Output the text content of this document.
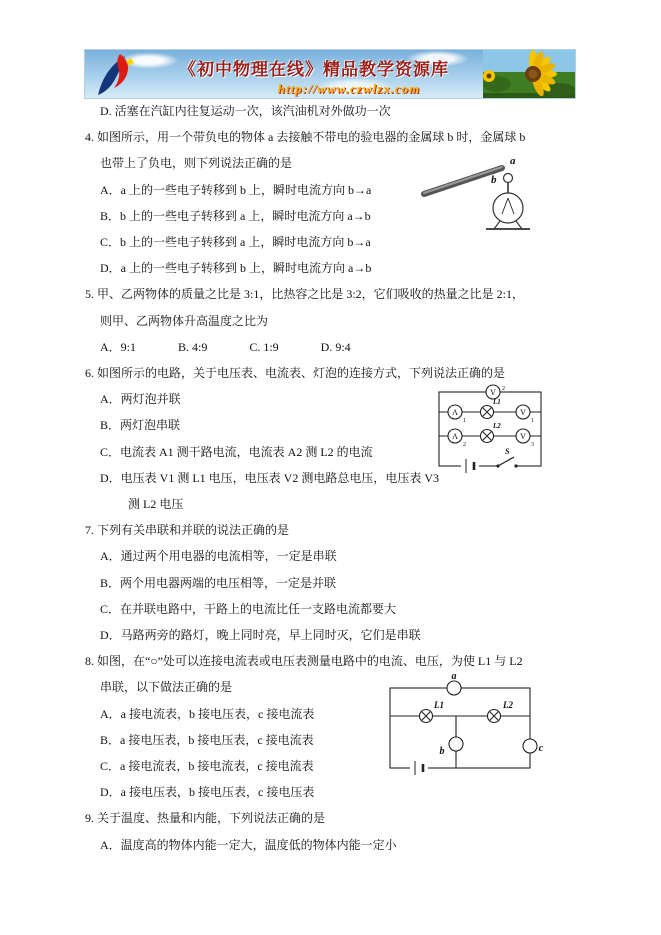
《初中物理在线》精品教学资源库
http://www.czwlzx.com
D. 活塞在汽缸内往复运动一次，该汽油机对外做功一次
4. 如图所示，用一个带负电的物体 a 去接触不带电的验电器的金属球 b 时，金属球 b
也带上了负电，则下列说法正确的是
A．a 上的一些电子转移到 b 上，瞬时电流方向 b→a
B．b 上的一些电子转移到 a 上，瞬时电流方向 a→b
C．b 上的一些电子转移到 a 上，瞬时电流方向 b→a
D．a 上的一些电子转移到 b 上，瞬时电流方向 a→b
5. 甲、乙两物体的质量之比是 3:1，比热容之比是 3:2，它们吸收的热量之比是 2:1，
则甲、乙两物体升高温度之比为
A．9:1              B. 4:9              C. 1:9              D. 9:4
6. 如图所示的电路，关于电压表、电流表、灯泡的连接方式，下列说法正确的是
A．两灯泡并联
B．两灯泡串联
C．电流表 A1 测干路电流，电流表 A2 测 L2 的电流
D．电压表 V1 测 L1 电压，电压表 V2 测电路总电压，电压表 V3
测 L2 电压
7. 下列有关串联和并联的说法正确的是
A．通过两个用电器的电流相等，一定是串联
B．两个用电器两端的电压相等，一定是并联
C．在并联电路中，干路上的电流比任一支路电流都要大
D．马路两旁的路灯，晚上同时亮，早上同时灭，它们是串联
8. 如图，在“○”处可以连接电流表或电压表测量电路中的电流、电压，为使 L1 与 L2
串联，以下做法正确的是
A．a 接电流表，b 接电压表，c 接电流表
B．a 接电压表，b 接电压表，c 接电流表
C．a 接电流表，b 接电流表，c 接电流表
D．a 接电压表，b 接电压表，c 接电压表
9. 关于温度、热量和内能，下列说法正确的是
A．温度高的物体内能一定大，温度低的物体内能一定小
a
b
V 2
A
1
L1
V
1
A
2
L2
V
3
S
a
L1	L2
b	c
